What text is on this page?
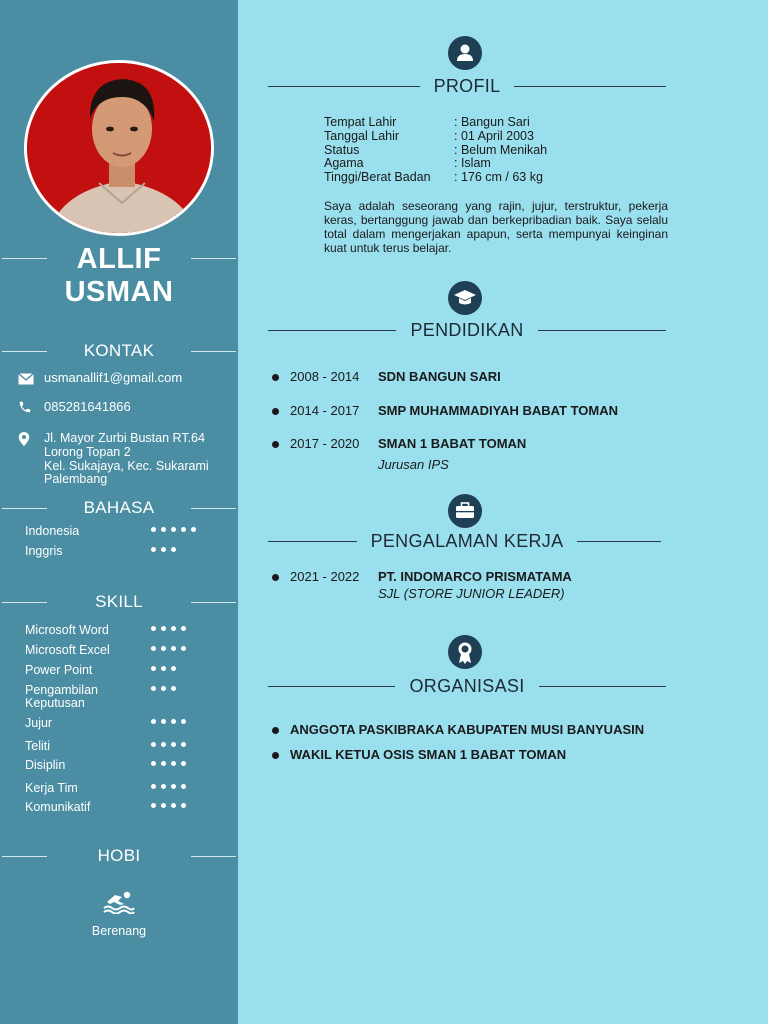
ALLIF
USMAN
KONTAK
usmanallif1@gmail.com
085281641866
Jl. Mayor Zurbi Bustan RT.64
Lorong Topan 2
Kel. Sukajaya, Kec. Sukarami
Palembang
BAHASA
Indonesia
Inggris
SKILL
Microsoft Word
Microsoft Excel
Power Point
Pengambilan Keputusan
Jujur
Teliti
Disiplin
Kerja Tim
Komunikatif
HOBI
Berenang
PROFIL
Tempat Lahir	: Bangun Sari
Tanggal Lahir	: 01 April 2003
Status	: Belum Menikah
Agama	: Islam
Tinggi/Berat Badan	: 176 cm / 63 kg
Saya adalah seseorang yang rajin, jujur, terstruktur, pekerja keras, bertanggung jawab dan berkepribadian baik. Saya selalu total dalam mengerjakan apapun, serta mempunyai keinginan kuat untuk terus belajar.
PENDIDIKAN
2008 - 2014 SDN BANGUN SARI
2014 - 2017 SMP MUHAMMADIYAH BABAT TOMAN
2017 - 2020 SMAN 1 BABAT TOMAN
Jurusan IPS
PENGALAMAN KERJA
2021 - 2022 PT. INDOMARCO PRISMATAMA
SJL (STORE JUNIOR LEADER)
ORGANISASI
ANGGOTA PASKIBRAKA KABUPATEN MUSI BANYUASIN
WAKIL KETUA OSIS SMAN 1 BABAT TOMAN
